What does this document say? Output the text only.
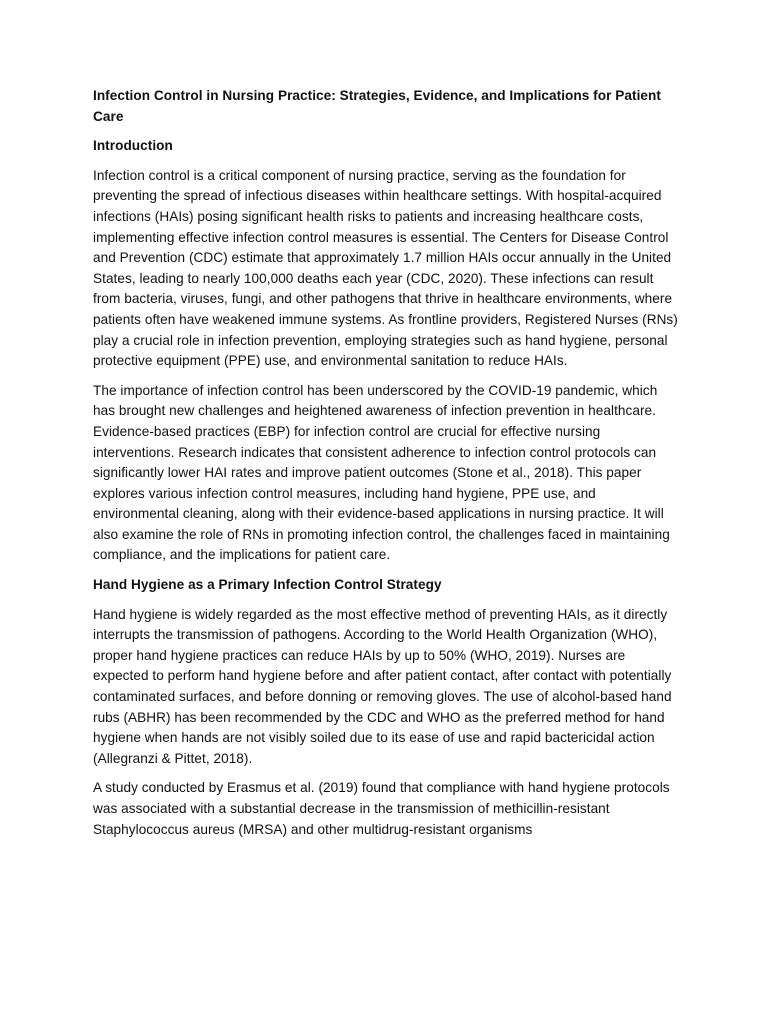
Infection Control in Nursing Practice: Strategies, Evidence, and Implications for Patient Care
Introduction

Infection control is a critical component of nursing practice, serving as the foundation for preventing the spread of infectious diseases within healthcare settings. With hospital-acquired infections (HAIs) posing significant health risks to patients and increasing healthcare costs, implementing effective infection control measures is essential. The Centers for Disease Control and Prevention (CDC) estimate that approximately 1.7 million HAIs occur annually in the United States, leading to nearly 100,000 deaths each year (CDC, 2020). These infections can result from bacteria, viruses, fungi, and other pathogens that thrive in healthcare environments, where patients often have weakened immune systems. As frontline providers, Registered Nurses (RNs) play a crucial role in infection prevention, employing strategies such as hand hygiene, personal protective equipment (PPE) use, and environmental sanitation to reduce HAIs.

The importance of infection control has been underscored by the COVID-19 pandemic, which has brought new challenges and heightened awareness of infection prevention in healthcare. Evidence-based practices (EBP) for infection control are crucial for effective nursing interventions. Research indicates that consistent adherence to infection control protocols can significantly lower HAI rates and improve patient outcomes (Stone et al., 2018). This paper explores various infection control measures, including hand hygiene, PPE use, and environmental cleaning, along with their evidence-based applications in nursing practice. It will also examine the role of RNs in promoting infection control, the challenges faced in maintaining compliance, and the implications for patient care.

Hand Hygiene as a Primary Infection Control Strategy

Hand hygiene is widely regarded as the most effective method of preventing HAIs, as it directly interrupts the transmission of pathogens. According to the World Health Organization (WHO), proper hand hygiene practices can reduce HAIs by up to 50% (WHO, 2019). Nurses are expected to perform hand hygiene before and after patient contact, after contact with potentially contaminated surfaces, and before donning or removing gloves. The use of alcohol-based hand rubs (ABHR) has been recommended by the CDC and WHO as the preferred method for hand hygiene when hands are not visibly soiled due to its ease of use and rapid bactericidal action (Allegranzi & Pittet, 2018).

A study conducted by Erasmus et al. (2019) found that compliance with hand hygiene protocols was associated with a substantial decrease in the transmission of methicillin-resistant Staphylococcus aureus (MRSA) and other multidrug-resistant organisms
